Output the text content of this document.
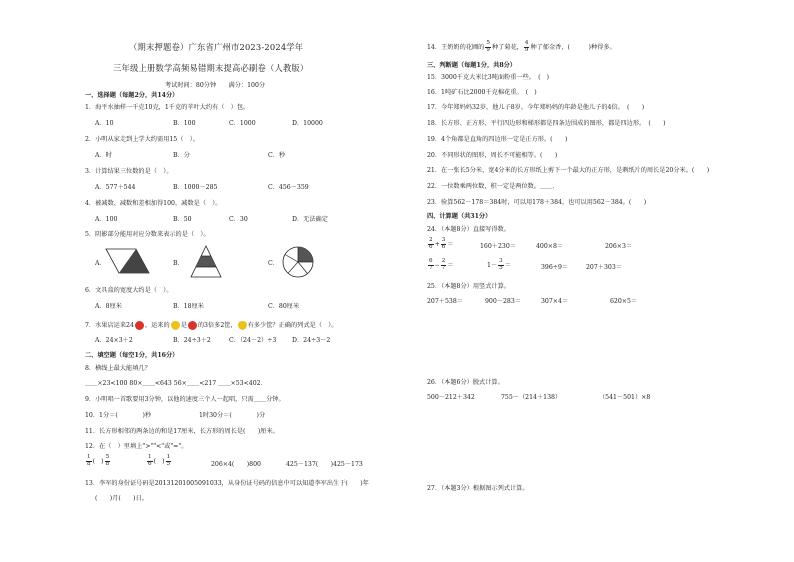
（期末押题卷）广东省广州市2023-2024学年
三年级上册数学高频易错期末提高必刷卷（人教版）
考试时间：80分钟　　满分：100分
一、选择题（每题2分，共14分）
1．海平水抽样一千克10克，1千克的苹叶大约有（　）包。
A．10	B．100	C．1000	D．10000
2．小明从家走到上学大约需用15（　）。
A．时	B．分	C．秒
3．计算结果三位数的是（　）。
A．577＋544	B．1000－285	C．456－359
4．被减数、减数和差相加得100，减数是（　）。
A．100	B．50	C．30	D．无法确定
5．阴影部分能用对应分数来表示的是（　）。
A．	B．	C．
6．文具盒的宽度大约是（　）。
A．8厘米	B．18厘米	C．80厘米
7．水果店运来24 ，运来的 是 的3倍多2筐， 有多少筐？正确的列式是（　）。
A．24×3＋2	B．24÷3＋2	C．（24－2）÷3	D．24÷3－2
二、填空题（每空1分，共16分）
8．横线上最大能填几？
＿＿×23<100 80×＿＿<643 56×＿＿<217 ＿＿×53<402．
9．小明唱一首歌要用3分钟，以他的速度三个人一起唱，只需＿＿分钟。
10．1分＝(　　　　)秒	1时30分＝(　　　　)分
11．长方形相邻的两条边的和是17厘米，长方形的周长是(　　)厘米。
12．在（　）里填上">""<"或"="。
$\frac{1}{8}$ (　) $\frac{5}{8}$	$\frac{1}{6}$ (　) $\frac{1}{5}$	206×4(　　)800	425－137(　　)425－173
13．李军的身份证号码是201312010050910​33，从身份证号码的信息中可以知道李军出生于(　　)年
(　　)月(　　)日。
14．王奶奶的花圃的 $\frac{5}{9}$ 种了菊花， $\frac{4}{9}$ 种了郁金香，(　　　)种得多。
三、判断题（每题1分，共8分）
15．3000千克大米比3吨面粉重一些。　(　)
16．1吨矿石比2000千克棉花重。　(　)
17．今年郑妈妈32岁，他儿子8岁。今年郑妈妈的年龄是他儿子的4倍。　(　　)
18．长方形、正方形、平行四边形和梯形都是四条边围成的图形，都是四边形。　(　　)
19．4个角都是直角的四边形一定是正方形。(　　)
20．不同形状的图形，周长不可能相等。(　　)
21．在一张长5分米，宽4分米的长方形纸上剪下一个最大的正方形，是剩纸片的周长是20分米。(　　)
22．一位数乘两位数，积一定是两位数。＿＿．
23．验算562－178＝384时，可以用178＋384，也可以用562－384。(　　)
四、计算题（共31分）
24．（本题8分）直接写得数。
$\frac{2}{6} + \frac{3}{6}$ ＝	160＋230＝	400×8＝	206×3＝
$\frac{6}{7} - \frac{2}{7}$ ＝	$1- \frac{3}{5}$ ＝	396÷9＝	207＋303＝
25．（本题8分）用竖式计算。
207＋538＝	900－283＝	307×4＝	620×5＝
26．（本题6分）脱式计算。
500－212＋342	755－（214＋138）	（541－501）×8
27．（本题3分）根据图示列式计算。
